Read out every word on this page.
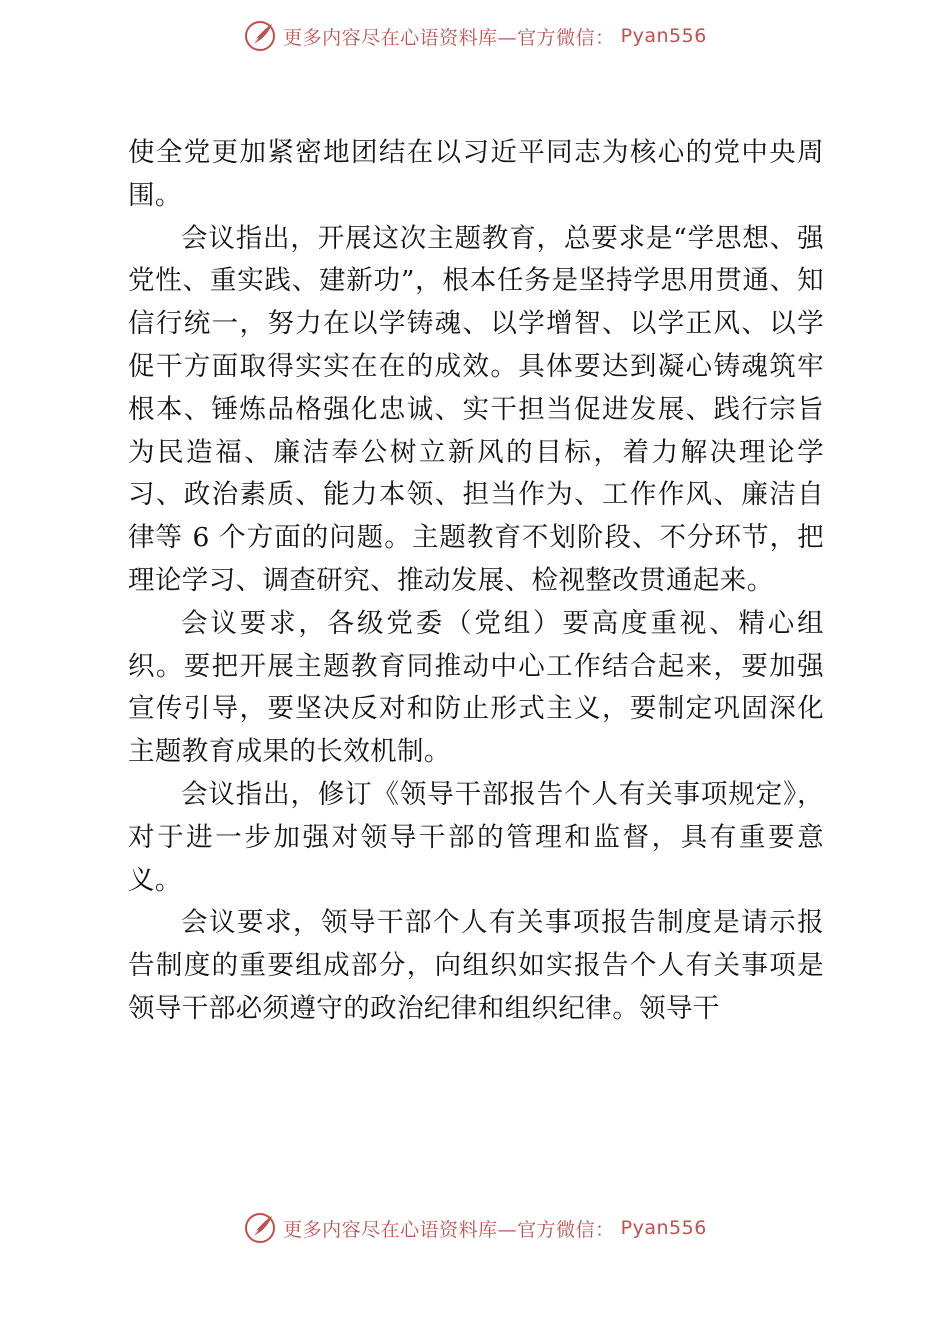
更多内容尽在心语资料库—官方微信： Pyan556

使全党更加紧密地团结在以习近平同志为核心的党中央周围。

会议指出，开展这次主题教育，总要求是“学思想、强党性、重实践、建新功”，根本任务是坚持学思用贯通、知信行统一，努力在以学铸魂、以学增智、以学正风、以学促干方面取得实实在在的成效。具体要达到凝心铸魂筑牢根本、锤炼品格强化忠诚、实干担当促进发展、践行宗旨为民造福、廉洁奉公树立新风的目标，着力解决理论学习、政治素质、能力本领、担当作为、工作作风、廉洁自律等 6 个方面的问题。主题教育不划阶段、不分环节，把理论学习、调查研究、推动发展、检视整改贯通起来。

会议要求，各级党委（党组）要高度重视、精心组织。要把开展主题教育同推动中心工作结合起来，要加强宣传引导，要坚决反对和防止形式主义，要制定巩固深化主题教育成果的长效机制。

会议指出，修订《领导干部报告个人有关事项规定》，对于进一步加强对领导干部的管理和监督，具有重要意义。

会议要求，领导干部个人有关事项报告制度是请示报告制度的重要组成部分，向组织如实报告个人有关事项是领导干部必须遵守的政治纪律和组织纪律。领导干

更多内容尽在心语资料库—官方微信： Pyan556
